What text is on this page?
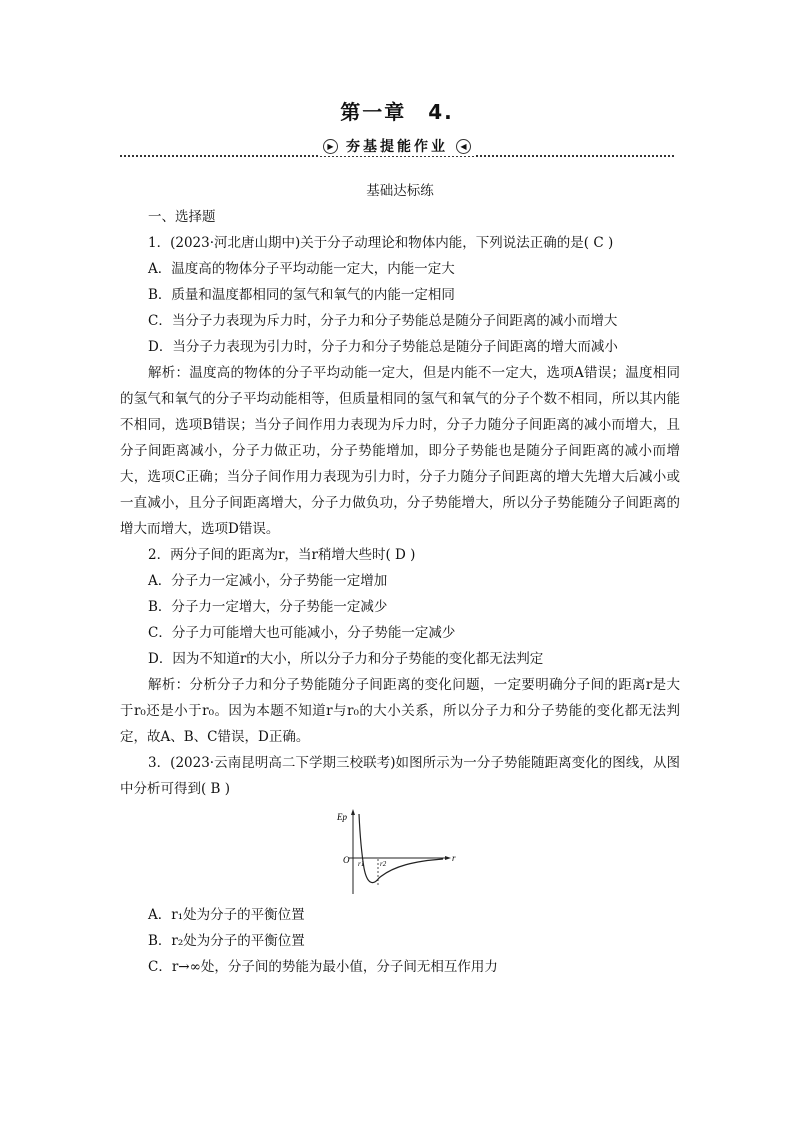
第一章　4.
▶ 夯基提能作业	◀
基础达标练
一、选择题
1．(2023·河北唐山期中)关于分子动理论和物体内能，下列说法正确的是( C )
A．温度高的物体分子平均动能一定大，内能一定大
B．质量和温度都相同的氢气和氧气的内能一定相同
C．当分子力表现为斥力时，分子力和分子势能总是随分子间距离的减小而增大
D．当分子力表现为引力时，分子力和分子势能总是随分子间距离的增大而减小

解析：温度高的物体的分子平均动能一定大，但是内能不一定大，选项A错误；温度相同的氢气和氧气的分子平均动能相等，但质量相同的氢气和氧气的分子个数不相同，所以其内能不相同，选项B错误；当分子间作用力表现为斥力时，分子力随分子间距离的减小而增大，且分子间距离减小，分子力做正功，分子势能增加，即分子势能也是随分子间距离的减小而增大，选项C正确；当分子间作用力表现为引力时，分子力随分子间距离的增大先增大后减小或一直减小，且分子间距离增大，分子力做负功，分子势能增大，所以分子势能随分子间距离的增大而增大，选项D错误。

2．两分子间的距离为r，当r稍增大些时( D )
A．分子力一定减小，分子势能一定增加
B．分子力一定增大，分子势能一定减少
C．分子力可能增大也可能减小，分子势能一定减少
D．因为不知道r的大小，所以分子力和分子势能的变化都无法判定

解析：分析分子力和分子势能随分子间距离的变化问题，一定要明确分子间的距离r是大于r₀还是小于r₀。因为本题不知道r与r₀的大小关系，所以分子力和分子势能的变化都无法判定，故A、B、C错误，D正确。

3．(2023·云南昆明高二下学期三校联考)如图所示为一分子势能随距离变化的图线，从图中分析可得到( B )

Ep
O r1 r2
r
A．r₁处为分子的平衡位置
B．r₂处为分子的平衡位置
C．r→∞处，分子间的势能为最小值，分子间无相互作用力
